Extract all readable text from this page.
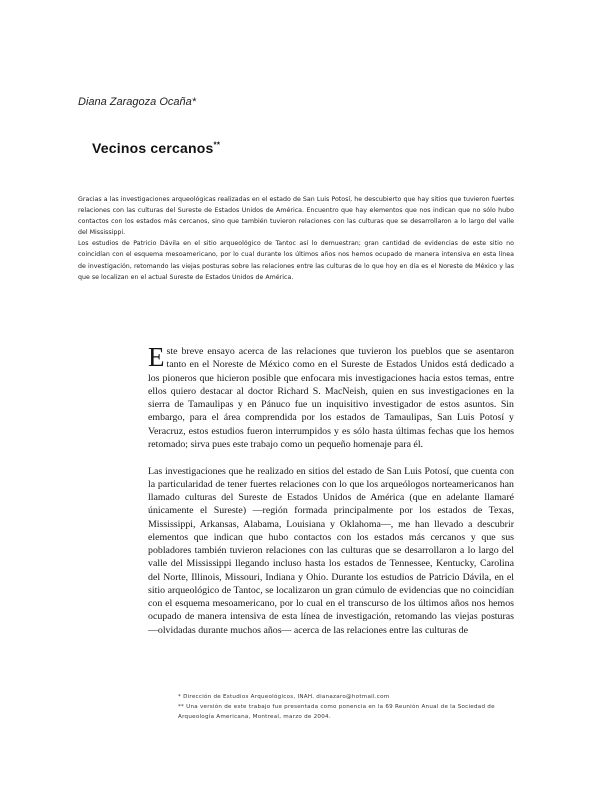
Diana Zaragoza Ocaña*
Vecinos cercanos**

Gracias a las investigaciones arqueológicas realizadas en el estado de San Luis Potosí, he descubierto que hay sitios que tuvieron fuertes relaciones con las culturas del Sureste de Estados Unidos de América. Encuentro que hay elementos que nos indican que no sólo hubo contactos con los estados más cercanos, sino que también tuvieron relaciones con las culturas que se desarrollaron a lo largo del valle del Mississippi.

Los estudios de Patricio Dávila en el sitio arqueológico de Tantoc así lo demuestran; gran cantidad de evidencias de este sitio no coincidían con el esquema mesoamericano, por lo cual durante los últimos años nos hemos ocupado de manera intensiva en esta línea de investigación, retomando las viejas posturas sobre las relaciones entre las culturas de lo que hoy en día es el Noreste de México y las que se localizan en el actual Sureste de Estados Unidos de América.

Este breve ensayo acerca de las relaciones que tuvieron los pueblos que se asentaron tanto en el Noreste de México como en el Sureste de Estados Unidos está dedicado a los pioneros que hicieron posible que enfocara mis investigaciones hacia estos temas, entre ellos quiero destacar al doctor Richard S. MacNeish, quien en sus investigaciones en la sierra de Tamaulipas y en Pánuco fue un inquisitivo investigador de estos asuntos. Sin embargo, para el área comprendida por los estados de Tamaulipas, San Luis Potosí y Veracruz, estos estudios fueron interrumpidos y es sólo hasta últimas fechas que los hemos retomado; sirva pues este trabajo como un pequeño homenaje para él.

Las investigaciones que he realizado en sitios del estado de San Luis Potosí, que cuenta con la particularidad de tener fuertes relaciones con lo que los arqueólogos norteamericanos han llamado culturas del Sureste de Estados Unidos de América (que en adelante llamaré únicamente el Sureste) —región formada principalmente por los estados de Texas, Mississippi, Arkansas, Alabama, Louisiana y Oklahoma—, me han llevado a descubrir elementos que indican que hubo contactos con los estados más cercanos y que sus pobladores también tuvieron relaciones con las culturas que se desarrollaron a lo largo del valle del Mississippi llegando incluso hasta los estados de Tennessee, Kentucky, Carolina del Norte, Illinois, Missouri, Indiana y Ohio. Durante los estudios de Patricio Dávila, en el sitio arqueológico de Tantoc, se localizaron un gran cúmulo de evidencias que no coincidían con el esquema mesoamericano, por lo cual en el transcurso de los últimos años nos hemos ocupado de manera intensiva de esta línea de investigación, retomando las viejas posturas —olvidadas durante muchos años— acerca de las relaciones entre las culturas de

* Dirección de Estudios Arqueológicos, INAH. dianazaro@hotmail.com

** Una versión de este trabajo fue presentada como ponencia en la 69 Reunión Anual de la Sociedad de Arqueología Americana, Montreal, marzo de 2004.
